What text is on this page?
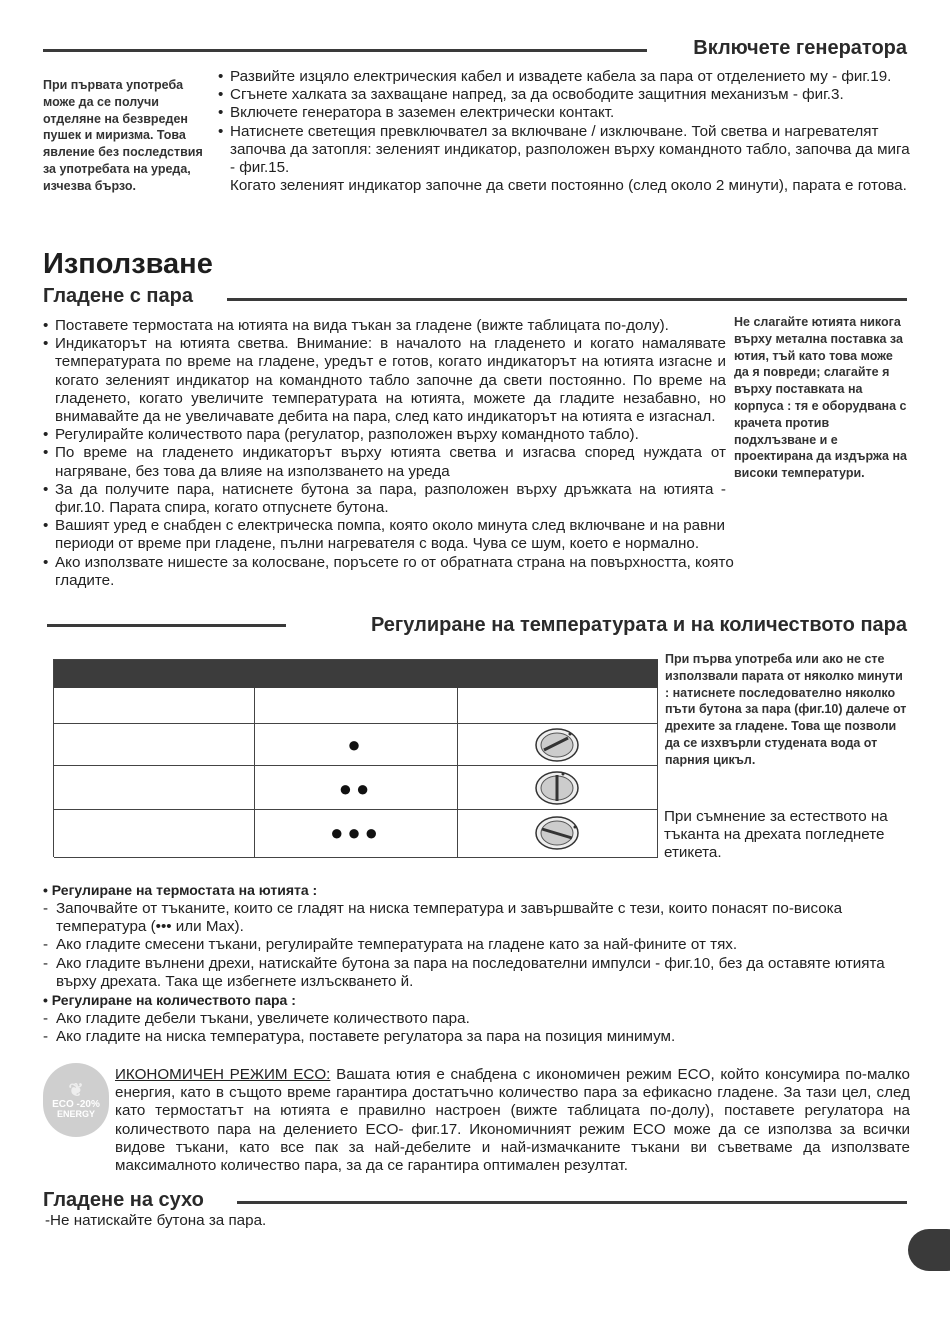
Включете генератора
При първата употреба може да се получи отделяне на безвреден пушек и миризма. Това явление без последствия за употребата на уреда, изчезва бързо.
• Развийте изцяло електрическия кабел и извадете кабела за пара от отделението му - фиг.19.
• Сгънете халката за захващане напред, за да освободите защитния механизъм - фиг.3.
• Включете генератора в заземен електрически контакт.
• Натиснете светещия превключвател за включване / изключване. Той светва и нагревателят започва да затопля: зеленият индикатор, разположен върху командното табло, започва да мига - фиг.15.
Когато зеленият индикатор започне да свети постоянно (след около 2 минути), парата е готова.
Използване
Гладене с пара
• Поставете термостата на ютията на вида тъкан за гладене (вижте таблицата по-долу).
• Индикаторът на ютията светва. Внимание: в началото на гладенето и когато намалявате температурата по време на гладене, уредът е готов, когато индикаторът на ютията изгасне и когато зеленият индикатор на командното табло започне да свети постоянно. По време на гладенето, когато увеличите температурата на ютията, можете да гладите незабавно, но внимавайте да не увеличавате дебита на пара, след като индикаторът на ютията е изгаснал.
• Регулирайте количеството пара (регулатор, разположен върху командното табло).
• По време на гладенето индикаторът върху ютията светва и изгасва според нуждата от нагряване, без това да влияе на използването на уреда
• За да получите пара, натиснете бутона за пара, разположен върху дръжката на ютията - фиг.10. Парата спира, когато отпуснете бутона.
• Вашият уред е снабден с електрическа помпа, която около минута след включване и на равни периоди от време при гладене, пълни нагревателя с вода. Чува се шум, което е нормално.
• Ако използвате нишесте за колосване, поръсете го от обратната страна на повърхността, която гладите.
Не слагайте ютията никога върху метална поставка за ютия, тъй като това може да я повреди; слагайте я върху поставката на корпуса : тя е оборудвана с крачета против подхлъзване и е проектирана да издържа на високи температури.
Регулиране на температурата и на количеството пара
●
●●
●●●
При първа употреба или ако не сте използвали парата от няколко минути : натиснете последователно няколко пъти бутона за пара (фиг.10) далече от дрехите за гладене. Това ще позволи да се изхвърли студената вода от парния цикъл.
При съмнение за естеството на тъканта на дрехата погледнете етикета.
• Регулиране на термостата на ютията :
- Започвайте от тъканите, които се гладят на ниска температура и завършвайте с тези, които понасят по-висока температура (••• или Max).
- Ако гладите смесени тъкани, регулирайте температурата на гладене като за най-фините от тях.
- Ако гладите вълнени дрехи, натискайте бутона за пара на последователни импулси - фиг.10, без да оставяте ютията върху дрехата. Така ще избегнете излъскването й.
• Регулиране на количеството пара :
- Ако гладите дебели тъкани, увеличете количеството пара.
- Ако гладите на ниска температура, поставете регулатора за пара на позиция минимум.
❦
ECO -20%
ENERGY
ИКОНОМИЧЕН РЕЖИМ ECO: Вашата ютия е снабдена с икономичен режим ECO, който консумира по-малко енергия, като в същото време гарантира достатъчно количество пара за ефикасно гладене. За тази цел, след като термостатът на ютията е правилно настроен (вижте таблицата по-долу), поставете регулатора на количеството пара на делението ECO- фиг.17. Икономичният режим ECO може да се използва за всички видове тъкани, като все пак за най-дебелите и най-измачканите тъкани ви съветваме да използвате максималното количество пара, за да се гарантира оптимален резултат.
Гладене на сухо
-Не натискайте бутона за пара.
